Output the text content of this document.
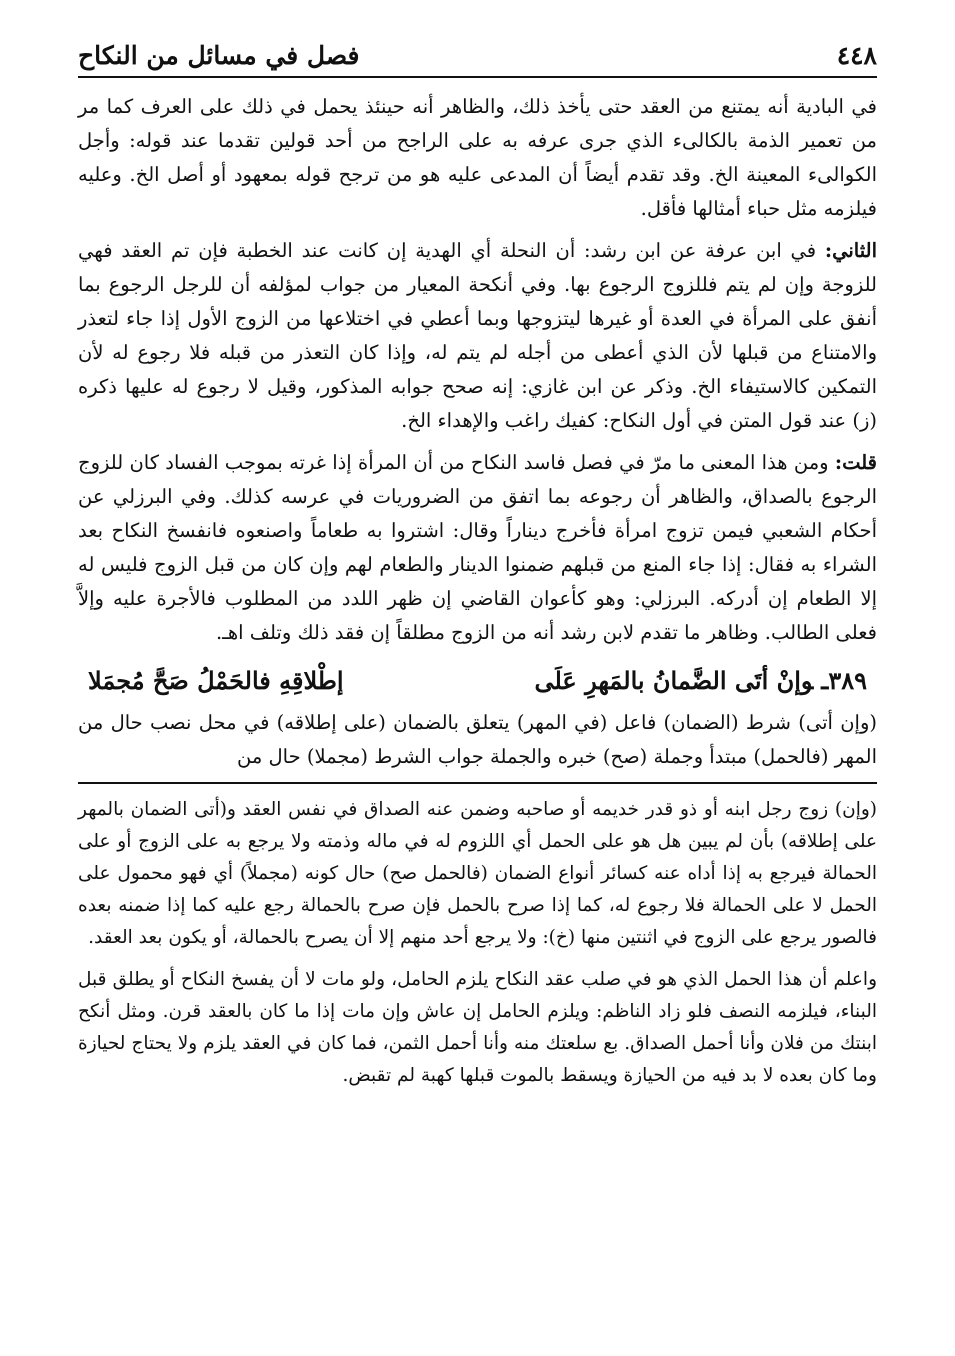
٤٤٨
فصل في مسائل من النكاح

في البادية أنه يمتنع من العقد حتى يأخذ ذلك، والظاهر أنه حينئذ يحمل في ذلك على العرف كما مر من تعمير الذمة بالكالىء الذي جرى عرفه به على الراجح من أحد قولين تقدما عند قوله: وأجل الكوالىء المعينة الخ. وقد تقدم أيضاً أن المدعى عليه هو من ترجح قوله بمعهود أو أصل الخ. وعليه فيلزمه مثل حباء أمثالها فأقل.

الثاني: في ابن عرفة عن ابن رشد: أن النحلة أي الهدية إن كانت عند الخطبة فإن تم العقد فهي للزوجة وإن لم يتم فللزوج الرجوع بها. وفي أنكحة المعيار من جواب لمؤلفه أن للرجل الرجوع بما أنفق على المرأة في العدة أو غيرها ليتزوجها وبما أعطي في اختلاعها من الزوج الأول إذا جاء لتعذر والامتناع من قبلها لأن الذي أعطى من أجله لم يتم له، وإذا كان التعذر من قبله فلا رجوع له لأن التمكين كالاستيفاء الخ. وذكر عن ابن غازي: إنه صحح جوابه المذكور، وقيل لا رجوع له عليها ذكره (ز) عند قول المتن في أول النكاح: كفيك راغب والإهداء الخ.

قلت: ومن هذا المعنى ما مرّ في فصل فاسد النكاح من أن المرأة إذا غرته بموجب الفساد كان للزوج الرجوع بالصداق، والظاهر أن رجوعه بما اتفق من الضروريات في عرسه كذلك. وفي البرزلي عن أحكام الشعبي فيمن تزوج امرأة فأخرج ديناراً وقال: اشتروا به طعاماً واصنعوه فانفسخ النكاح بعد الشراء به فقال: إذا جاء المنع من قبلهم ضمنوا الدينار والطعام لهم وإن كان من قبل الزوج فليس له إلا الطعام إن أدركه. البرزلي: وهو كأعوان القاضي إن ظهر اللدد من المطلوب فالأجرة عليه وإلاَّ فعلى الطالب. وظاهر ما تقدم لابن رشد أنه من الزوج مطلقاً إن فقد ذلك وتلف اهـ.

٣٨٩ـوإنْ أتَى الضَّمانُ بالمَهرِ عَلَى
إطْلاقِهِ فالحَمْلُ صَحَّ مُجمَلا

(وإن أتى) شرط (الضمان) فاعل (في المهر) يتعلق بالضمان (على إطلاقه) في محل نصب حال من المهر (فالحمل) مبتدأ وجملة (صح) خبره والجملة جواب الشرط (مجملا) حال من

(وإن) زوج رجل ابنه أو ذو قدر خديمه أو صاحبه وضمن عنه الصداق في نفس العقد و(أتى الضمان بالمهر على إطلاقه) بأن لم يبين هل هو على الحمل أي اللزوم له في ماله وذمته ولا يرجع به على الزوج أو على الحمالة فيرجع به إذا أداه عنه كسائر أنواع الضمان (فالحمل صح) حال كونه (مجملاً) أي فهو محمول على الحمل لا على الحمالة فلا رجوع له، كما إذا صرح بالحمل فإن صرح بالحمالة رجع عليه كما إذا ضمنه بعده فالصور يرجع على الزوج في اثنتين منها (خ): ولا يرجع أحد منهم إلا أن يصرح بالحمالة، أو يكون بعد العقد.

واعلم أن هذا الحمل الذي هو في صلب عقد النكاح يلزم الحامل، ولو مات لا أن يفسخ النكاح أو يطلق قبل البناء، فيلزمه النصف فلو زاد الناظم: ويلزم الحامل إن عاش وإن مات إذا ما كان بالعقد قرن. ومثل أنكح ابنتك من فلان وأنا أحمل الصداق. بع سلعتك منه وأنا أحمل الثمن، فما كان في العقد يلزم ولا يحتاج لحيازة وما كان بعده لا بد فيه من الحيازة ويسقط بالموت قبلها كهبة لم تقبض.
